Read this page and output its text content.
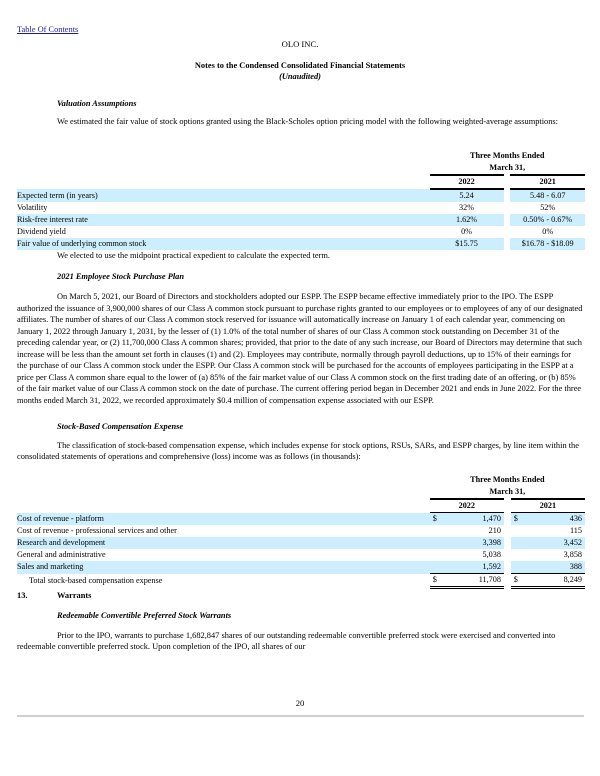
Table Of Contents
OLO INC.
Notes to the Condensed Consolidated Financial Statements
(Unaudited)
Valuation Assumptions
We estimated the fair value of stock options granted using the Black-Scholes option pricing model with the following weighted-average assumptions:

	Three Months Ended
March 31,		

	2022		2021
Expected term (in years)	5.24		5.48 - 6.07
Volatility	32%		52%
Risk-free interest rate	1.62%		0.50% - 0.67%
Dividend yield	0%		0%
Fair value of underlying common stock	$15.75		$16.78 - $18.09
We elected to use the midpoint practical expedient to calculate the expected term.
2021 Employee Stock Purchase Plan
On March 5, 2021, our Board of Directors and stockholders adopted our ESPP. The ESPP became effective immediately prior to the IPO. The ESPP authorized the issuance of 3,900,000 shares of our Class A common stock pursuant to purchase rights granted to our employees or to employees of any of our designated affiliates. The number of shares of our Class A common stock reserved for issuance will automatically increase on January 1 of each calendar year, commencing on January 1, 2022 through January 1, 2031, by the lesser of (1) 1.0% of the total number of shares of our Class A common stock outstanding on December 31 of the preceding calendar year, or (2) 11,700,000 Class A common shares; provided, that prior to the date of any such increase, our Board of Directors may determine that such increase will be less than the amount set forth in clauses (1) and (2). Employees may contribute, normally through payroll deductions, up to 15% of their earnings for the purchase of our Class A common stock under the ESPP. Our Class A common stock will be purchased for the accounts of employees participating in the ESPP at a price per Class A common share equal to the lower of (a) 85% of the fair market value of our Class A common stock on the first trading date of an offering, or (b) 85% of the fair market value of our Class A common stock on the date of purchase. The current offering period began in December 2021 and ends in June 2022. For the three months ended March 31, 2022, we recorded approximately $0.4 million of compensation expense associated with our ESPP.
Stock-Based Compensation Expense
The classification of stock-based compensation expense, which includes expense for stock options, RSUs, SARs, and ESPP charges, by line item within the consolidated statements of operations and comprehensive (loss) income was as follows (in thousands):

	Three Months Ended
March 31,				

	2022			2021	
Cost of revenue - platform	$	1,470		$	436
Cost of revenue - professional services and other		210			115
Research and development		3,398			3,452
General and administrative		5,038			3,858
Sales and marketing		1,592			388
Total stock-based compensation expense	$	11,708		$	8,249
13.	Warrants
Redeemable Convertible Preferred Stock Warrants
Prior to the IPO, warrants to purchase 1,682,847 shares of our outstanding redeemable convertible preferred stock were exercised and converted into redeemable convertible preferred stock. Upon completion of the IPO, all shares of our
20
